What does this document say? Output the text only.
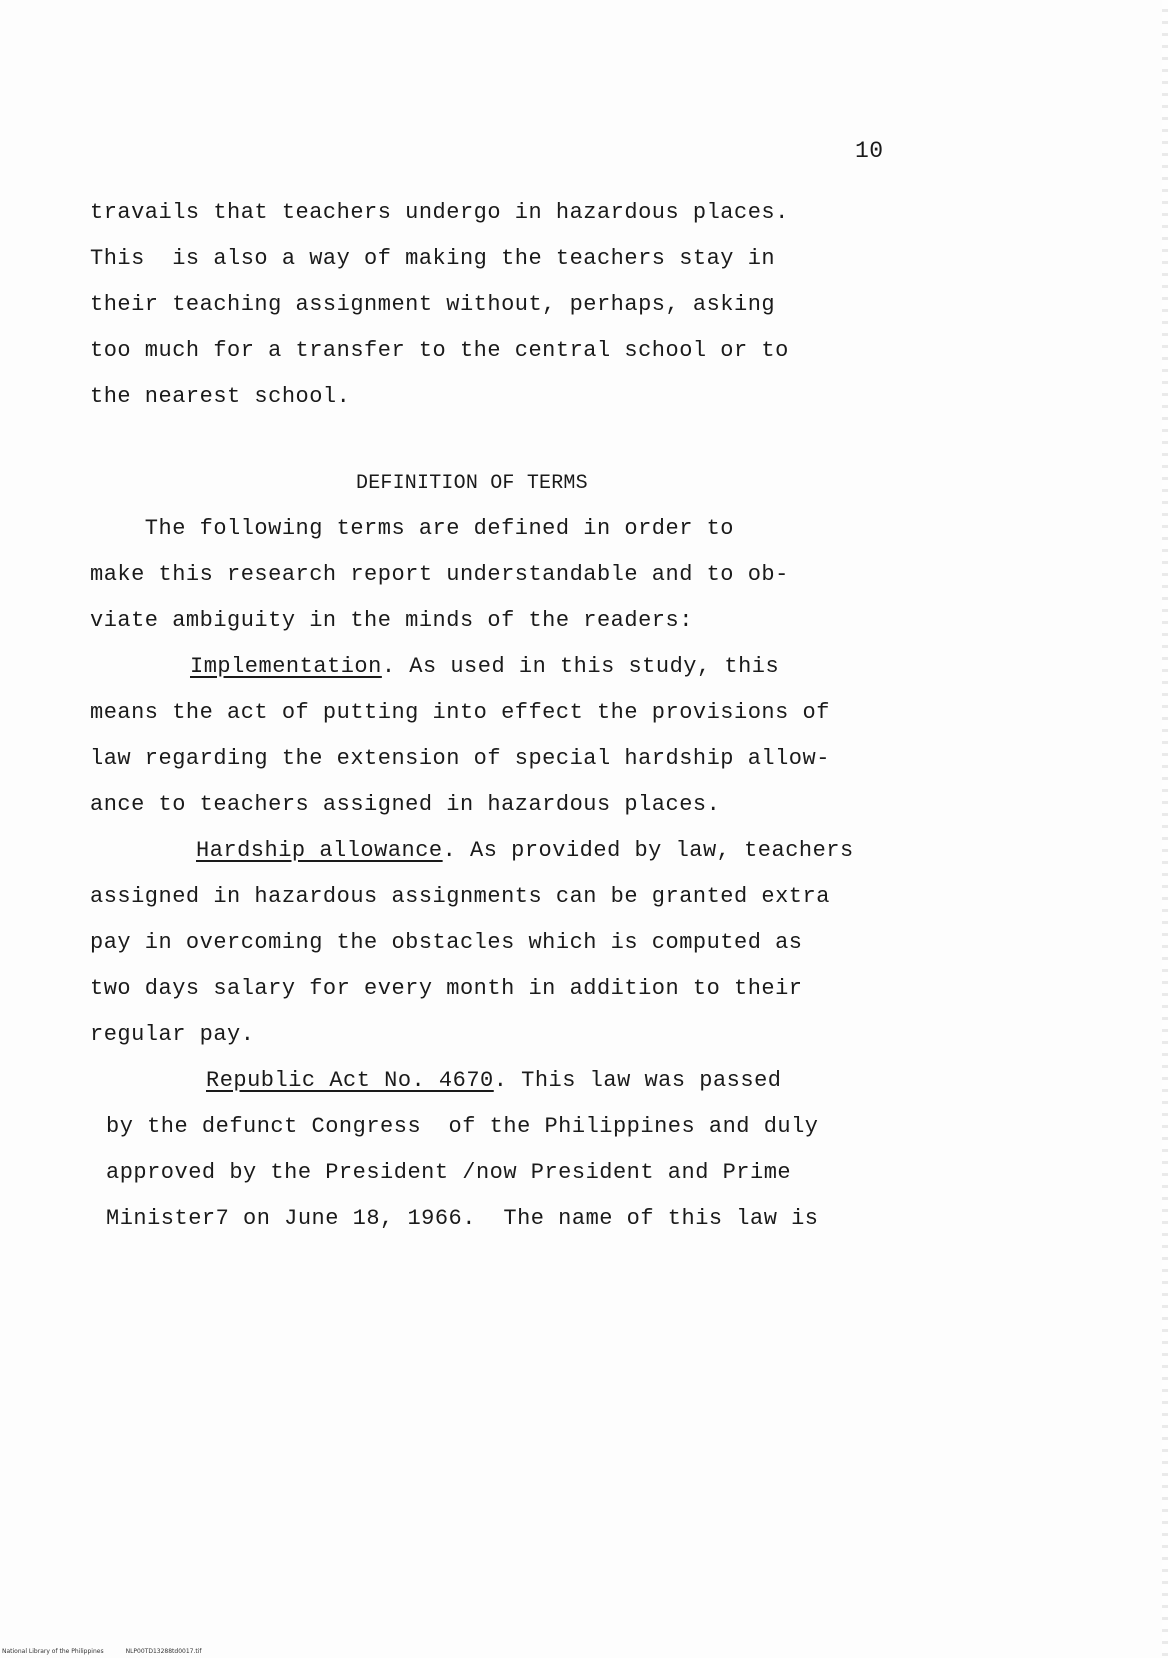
10
travails that teachers undergo in hazardous places.
This  is also a way of making the teachers stay in
their teaching assignment without, perhaps, asking
too much for a transfer to the central school or to
the nearest school.
DEFINITION OF TERMS
The following terms are defined in order to
make this research report understandable and to ob-
viate ambiguity in the minds of the readers:
Implementation. As used in this study, this
means the act of putting into effect the provisions of
law regarding the extension of special hardship allow-
ance to teachers assigned in hazardous places.
Hardship allowance. As provided by law, teachers
assigned in hazardous assignments can be granted extra
pay in overcoming the obstacles which is computed as
two days salary for every month in addition to their
regular pay.
Republic Act No. 4670. This law was passed
by the defunct Congress  of the Philippines and duly
approved by the President /now President and Prime
Minister7 on June 18, 1966.  The name of this law is
National Library of the Philippines	NLP00TD13288td0017.tif
